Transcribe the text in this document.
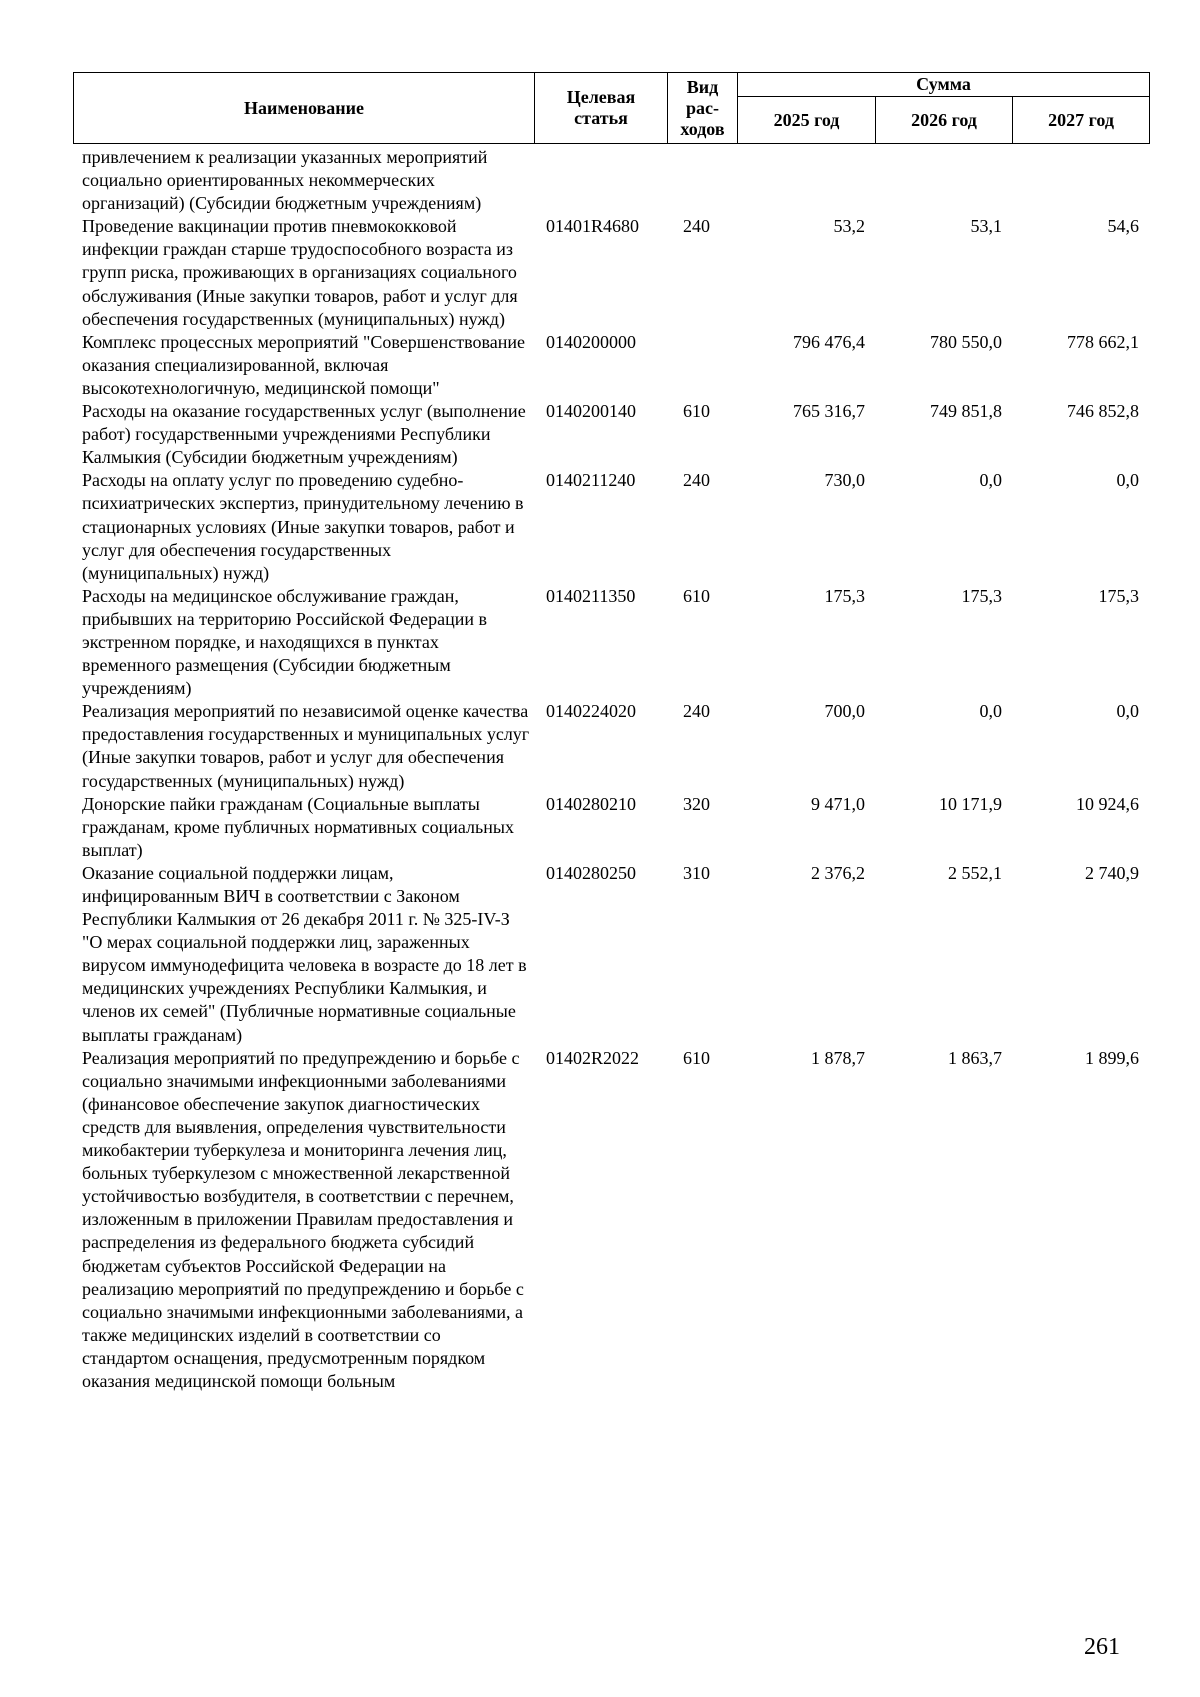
Наименование	Целевая статья	Вид рас-ходов	Сумма		
			2025 год	2026 год	2027 год
привлечением к реализации указанных мероприятий социально ориентированных некоммерческих организаций) (Субсидии бюджетным учреждениям)					
Проведение вакцинации против пневмококковой инфекции граждан старше трудоспособного возраста из групп риска, проживающих в организациях социального обслуживания (Иные закупки товаров, работ и услуг для обеспечения государственных (муниципальных) нужд)	01401R4680	240	53,2	53,1	54,6
Комплекс процессных мероприятий "Совершенствование оказания специализированной, включая высокотехнологичную, медицинской помощи"	0140200000		796 476,4	780 550,0	778 662,1
Расходы на оказание государственных услуг (выполнение работ) государственными учреждениями Республики Калмыкия (Субсидии бюджетным учреждениям)	0140200140	610	765 316,7	749 851,8	746 852,8
Расходы на оплату услуг по проведению судебно-психиатрических экспертиз, принудительному лечению в стационарных условиях (Иные закупки товаров, работ и услуг для обеспечения государственных (муниципальных) нужд)	0140211240	240	730,0	0,0	0,0
Расходы на медицинское обслуживание граждан, прибывших на территорию Российской Федерации в экстренном порядке, и находящихся в пунктах временного размещения (Субсидии бюджетным учреждениям)	0140211350	610	175,3	175,3	175,3
Реализация мероприятий по независимой оценке качества предоставления государственных и муниципальных услуг (Иные закупки товаров, работ и услуг для обеспечения государственных (муниципальных) нужд)	0140224020	240	700,0	0,0	0,0
Донорские пайки гражданам (Социальные выплаты гражданам, кроме публичных нормативных социальных выплат)	0140280210	320	9 471,0	10 171,9	10 924,6
Оказание социальной поддержки лицам, инфицированным ВИЧ в соответствии с Законом Республики Калмыкия от 26 декабря 2011 г. № 325-IV-З "О мерах социальной поддержки лиц, зараженных вирусом иммунодефицита человека в возрасте до 18 лет в медицинских учреждениях Республики Калмыкия, и членов их семей" (Публичные нормативные социальные выплаты гражданам)	0140280250	310	2 376,2	2 552,1	2 740,9
Реализация мероприятий по предупреждению и борьбе с социально значимыми инфекционными заболеваниями (финансовое обеспечение закупок диагностических средств для выявления, определения чувствительности микобактерии туберкулеза и мониторинга лечения лиц, больных туберкулезом с множественной лекарственной устойчивостью возбудителя, в соответствии с перечнем, изложенным в приложении Правилам предоставления и распределения из федерального бюджета субсидий бюджетам субъектов Российской Федерации на реализацию мероприятий по предупреждению и борьбе с социально значимыми инфекционными заболеваниями, а также медицинских изделий в соответствии со стандартом оснащения, предусмотренным порядком оказания медицинской помощи больным	01402R2022	610	1 878,7	1 863,7	1 899,6
261
